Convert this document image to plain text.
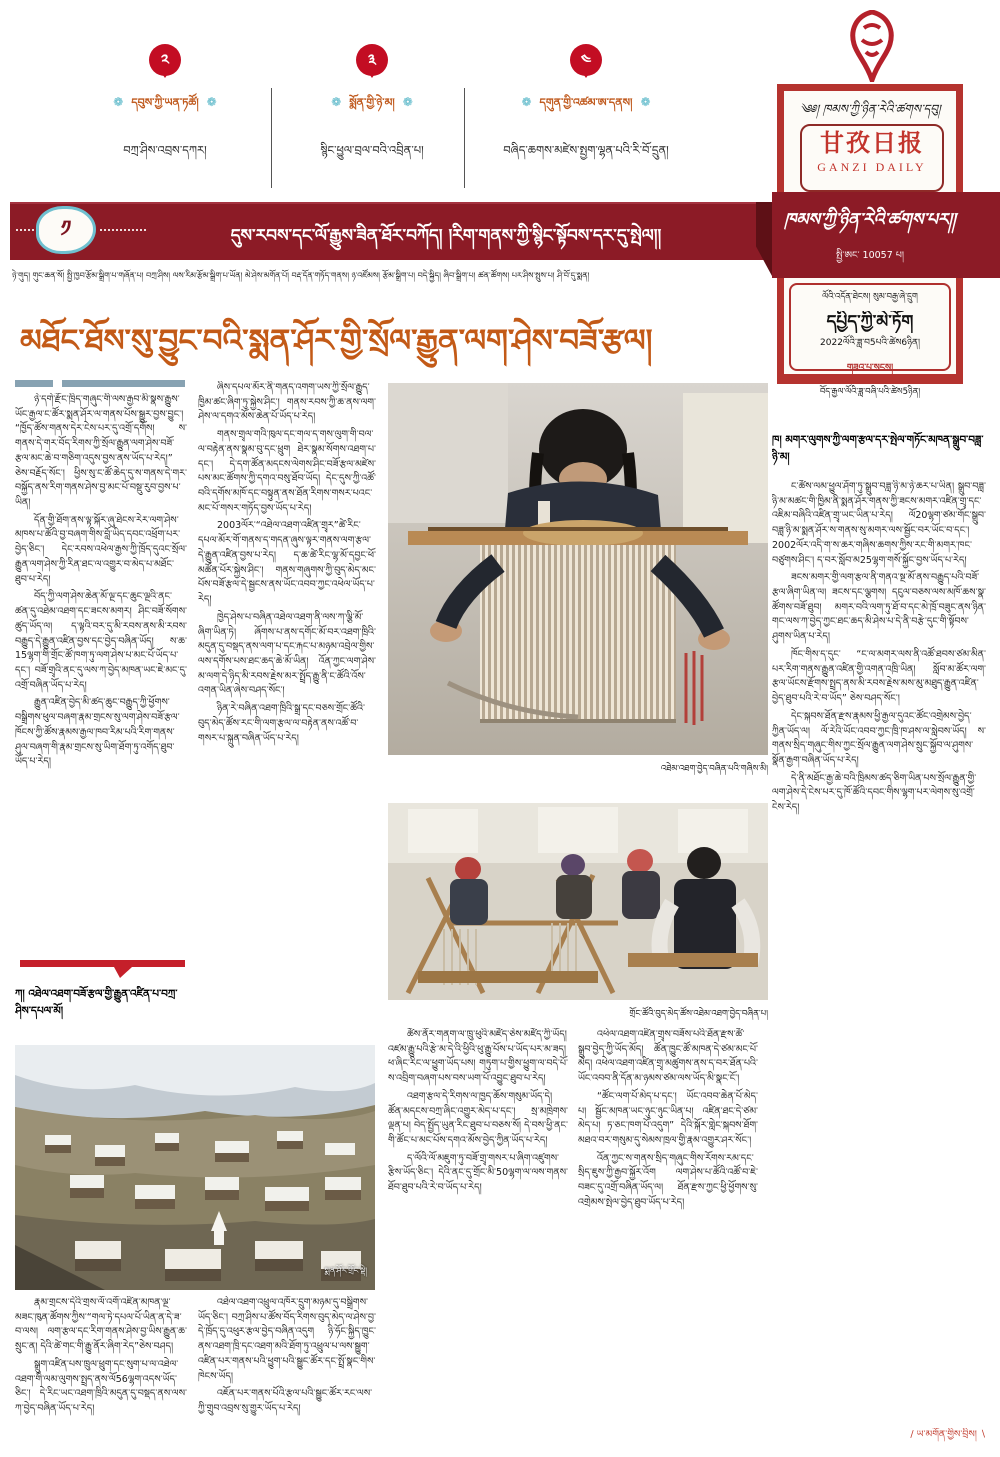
༢
❁ དབུས་ཀྱི་ཡན་ཏཚོ། ❁
བཀྲ་ཤིས་འབྲས་དཀར།
༣
❁ སྨོན་གྱི་ཉེ་མ། ❁
སྙིང་ཕྱུལ་བྲལ་བའི་འབྲིན་པ།
༤
❁ དགུན་གྱི་འཚམ་ཨ་དནས། ❁
བཞིད་ཆགས་མཛེས་སྤྱག་ལྷན་པའི་རི་བོ་དྲུན།
༄༅། ཁམས་ཀྱི་ཉིན་རེའི་ཚགས་དབུ།
甘孜日报
GANZI DAILY
ཁམས་ཀྱི་ཉིན་རེའི་ཚགས་པར།།
སྤྱི་ཨང་ 10057 པ།
ལོའི་འདོན་ཐེངས། སུམ་བརྒྱ་ཞེ་དྲུག
དཔྱིད་ཀྱི་མེ་ཏོག
2022ལོའི་ཟླ་བ5པའི་ཚེས6ཉིན།
གཟའ་པ་སངས།
བོད་རྒྱལ་ལོའི་ཟླ་བཞི་པའི་ཚེས5ཉིན།
༡	དུས་རབས་དང་ལོ་རྒྱུས་ཟིན་ཐོར་བཀོད། །རིག་གནས་ཀྱི་སྙིང་སྟོབས་དར་དུ་སྤེལ།།
ཉེ་གུད། གུང་ཆན་སོ། སྤྱི་ཁྱབ་རྩོམ་སྒྲིག་པ་གཞོན་པ། བཀྲ་ཤིས། ལས་རིམ་རྩོམ་སྒྲིག་པ་ཡོན། མེ་ཤེས་མགོན་པོ། བརྡ་དོན་གཏོད་གནས། ཉ་འཛོམས། རྩོམ་སྒྲིག་པ། བདེ་སྐྱིད། ཞིབ་སྒྲིག་པ། ཚན་ཚོགས། པར་ཤིས་སྤུས་པ། ཤི་བོ་དུ་སྨན།
མཐོང་ཐོས་སུ་བྱུང་བའི་སྨན་ཤོར་གྱི་སྲོལ་རྒྱུན་ལག་ཤེས་བཟོ་རྩལ།

ཉེ་དགེ་རྫོང་ཁྲིད་གཞུང་གི་ལས་རྒྱབ་མི་སྣས་རྒྱུས་ཡོང་རྒྱལ་ང་ཚོར་སྨན་ཤོར་ལ་གནས་པོས་སྒྱུར་བྱས་བྱུང་། “ཁྱོད་ཚོས་གནས་དེར་ངེས་པར་དུ་འགྲོ་དགོས། ས་གནས་དེ་གར་བོད་རིགས་ཀྱི་སྲོལ་རྒྱུན་ལག་ཤེས་བཟོ་རྩལ་མང་ཆེ་བ་གཅིག་འདུས་བྱས་ནས་ཡོད་པ་རེད།” ཅེས་བརྗོད་སོང་། ཕྱིས་སུ་ང་ཚོ་ཆེད་དུ་ས་གནས་དེ་གར་བསྐྱོད་ནས་རིག་གནས་ཤེས་བྱ་མང་པོ་བསྡུ་རུབ་བྱས་པ་ཡིན།

དོན་གྱི་ཐོག་ནས་ལྟ་སྐོར་ཞུ་ཐེངས་རེར་ལག་ཤེས་མཁས་པ་ཚོའི་བྱ་བཞག་གིས་བློ་ཡིད་དབང་འཕྲོག་པར་བྱེད་ཅིང་། དེང་རབས་འཕེལ་རྒྱས་ཀྱི་ཁྲོད་དུའང་སྲོལ་རྒྱུན་ལག་ཤེས་ཀྱི་རིན་ཐང་ལ་འགྱུར་བ་མེད་པ་མཐོང་ཐུབ་པ་རེད།

བོད་ཀྱི་ལག་ཤེས་ཆེན་མོ་ལྔ་དང་ཆུང་ལྔའི་ནང་ཚན་དུ་འཐེམ་འཐག་དང་ཟངས་མགར། ཤིང་བཟོ་སོགས་ཚུད་ཡོད་ལ། ད་ལྟའི་བར་དུ་མི་རབས་ནས་མི་རབས་བརྒྱུད་དེ་རྒྱུན་འཛིན་བྱས་དང་བྱེད་བཞིན་ཡོད། ས་ཆ་15ལྷག་གི་གྲོང་ཚོ་ཁག་ཏུ་ལག་ཤེས་པ་མང་པོ་ཡོད་པ་དང་། བཟོ་གྲྭའི་ནང་དུ་ལས་ཀ་བྱེད་མཁན་ཡང་ཇེ་མང་དུ་འགྲོ་བཞིན་ཡོད་པ་རེད།

རྒྱུན་འཛིན་བྱེད་མི་ཚད་ཆུང་བརྒྱུད་ཀྱི་ཕྱོགས་བསྒྲིགས་ཕུལ་བཞག་རྣམ་གྲངས་སུ་ལག་ཤེས་བཟོ་རྩལ་ཁོངས་ཀྱི་ཚོས་རྣམས་རྒྱལ་ཁབ་རིམ་པའི་རིག་གནས་ཤུལ་བཞག་གི་རྣམ་གྲངས་སུ་ཡིག་ཐོག་ཏུ་འགོད་ཐུབ་ཡོད་པ་རེད།

ཀ། འཐེལ་འཐག་བཟོ་རྩལ་གྱི་རྒྱུན་འཛིན་པ་བཀྲ་ཤིས་དཔལ་མོ།

ཞིས་དཔལ་མོར་ནི་གནད་འགག་ཡས་ཀྱི་སྲོལ་རྒྱུད་ཁྱིམ་ཚང་ཞིག་ཏུ་སྐྱེས་ཤིང་། གནས་རབས་ཀྱི་ཆ་ནས་ལག་ཤེས་ལ་དགའ་མོས་ཆེན་པོ་ཡོད་པ་རེད།

གནས་གྲྭལ་གའི་ཁུལ་དང་གལ་ད་གས་ལུག་གི་བལ་ལ་བརྟེན་ནས་སྣམ་བུ་དང་ཕྲུག ཐེར་སྣམ་སོགས་འཐག་པ་དང་། དེ་དག་ཚོན་མདངས་ལེགས་ཤིང་བཟོ་རྩལ་མཛེས་པས་མང་ཚོགས་ཀྱི་དགའ་བསུ་ཐོབ་ཡོད། དེང་དུས་ཀྱི་འཚོ་བའི་དགོས་མཁོ་དང་བསྟུན་ནས་ཐོན་རིགས་གསར་པའང་མང་པོ་གསར་གཏོད་བྱས་ཡོད་པ་རེད།

2003ལོར་“འཐེལ་འཐག་འཛིན་གྲྭར”ཚེ་རིང་དཔལ་མོར་གོ་གནས་ད་གདན་ཞུས་ལྟར་གནས་ལག་རྩལ་དེ་རྒྱུན་འཛིན་བྱས་པ་རེད། ད་ཆ་ཚེ་རིང་ལྷ་མོ་དབྱང་ཕོ་མཚོན་པོར་སྐྱེས་ཤིང་། གནས་གཞུགས་ཀྱི་བུད་མེད་མང་པོས་བཟོ་རྩལ་དེ་སྦྱངས་ནས་ཡོང་འབབ་ཀྱང་འཕེལ་ཡོད་པ་རེད།

ཁྱེད་ཤེས་པ་བཞིན་འཐེལ་འཐག་ནི་ལས་ཀ་ལྕི་མོ་ཞིག་ཡིན་ཏེ། ཞོགས་པ་ནས་དགོང་མོ་བར་འཐག་ཁྲིའི་མདུན་དུ་བསྡད་ནས་ལག་པ་དང་རྐང་པ་མཉམ་འབྲེལ་གྱིས་ལས་དགོས་པས་ཐང་ཆད་ཆེ་མོ་ཡིན། འོན་ཀྱང་ལག་ཤེས་མ་ལག་དེ་ཉིད་མི་རབས་རྗེས་མར་སྤྲོད་རྒྱུ་ནི་ང་ཚོའི་འོས་འགན་ཡིན་ཞེས་བཤད་སོང་།

ཉིན་རེ་བཞིན་འཐག་ཁྲིའི་སྒྲ་དང་བཅས་གྲོང་ཚོའི་བུད་མེད་ཚོས་རང་གི་ལག་རྩལ་ལ་བརྟེན་ནས་འཚོ་བ་གསར་པ་སྐྲུན་བཞིན་ཡོད་པ་རེད།

འཐེམ་འཐག་བྱེད་བཞིན་པའི་གཞིས་མི།
གྲོང་ཚོའི་བུད་མེད་ཚོས་འཐེམ་འཐག་བྱེད་བཞིན་པ།

ཚོས་ནོར་གནག་ལ་ཁྲུ་ཕུའི་མཛོད་ཅེས་མཛོད་ཀྱི་ཡོད། འཛམ་རྒྱུ་པའི་རྩེ་མ་དེ་འི་ཕྱིའི་ཕུ་རྒྱུ་པོས་པ་ཡོད་པར་མ་ཟད། ཕ་ཞིང་རིང་ལ་ཕྱུག་ཡོད་པས། གཏུག་པ་གྱིས་ཕྱུག་ལ་བདེ་པོ་ས་འབྲིག་བཞག་པས་བས་ཡག་པོ་འབྱུང་ཐུབ་པ་རེད།

འཐག་རྩལ་དེ་རིགས་ལ་ཁྱད་ཆོས་གསུམ་ཡོད་དེ། ཚོན་མདངས་བཀྲ་ཞིང་འགྱུར་མེད་པ་དང་། སྲ་མཁྲེགས་ལྡན་པ། བེད་སྤྱོད་ཡུན་རིང་ཐུབ་པ་བཅས་སོ། དེ་བས་ཕྱི་ནང་གི་ཚོང་པ་མང་པོས་དགའ་མོས་བྱེད་ཀྱིན་ཡོད་པ་རེད།

ད་ལོའི་ལོ་མཇུག་ཏུ་བཟོ་གྲྭ་གསར་པ་ཞིག་འཛུགས་རྩིས་ཡོད་ཅིང་། དེའི་ནང་དུ་གྲོང་མི་50ལྷག་ལ་ལས་གནས་ཐོབ་ཐུབ་པའི་རེ་བ་ཡོད་པ་རེད།

འཕེལ་འཐག་འཛིན་གྲྭས་བཟོས་པའི་ཐོན་རྫས་ཚོ་སྒྲུབ་བྱེད་ཀྱི་ཡོད་མོད། ཚོན་ཁྱུང་ཚོ་མཁན་དེ་ཙམ་མང་པོ་མེད། འཕེལ་འཐག་འཛིན་གྲྭ་མཚུགས་ནས་ད་བར་ཐོན་པའི་ཡོང་འབབ་ནི་དོན་མ་ཉམས་ཙམ་ལས་ཡོད་མི་སྣང་ངོ་།

“ཚོང་ལག་པོ་མེད་པ་དང་། ཡོང་འབབ་ཆེན་པོ་མེད་པ། སྦྱོང་མཁན་ཡང་ཉུང་ཉུང་ཡིན་པ། འཛིན་ཐང་དེ་ཙམ་མེད་པ། ཏ་ཅང་ཁག་པོ་འདུག” དེའི་སྐོར་གླེང་སྐབས་ཐོག་མཐའ་བར་གསུམ་དུ་སེམས་ཁྲལ་གྱི་རྣམ་འགྱུར་ཤར་སོང་།

འོན་ཀྱང་ས་གནས་སྲིད་གཞུང་གིས་རོགས་རམ་དང་སྲིད་ཇུས་ཀྱི་རྒྱབ་སྐྱོར་འོག ལག་ཤེས་པ་ཚོའི་འཚོ་བ་ཇེ་བཟང་དུ་འགྲོ་བཞིན་ཡོད་ལ། ཐོན་རྫས་ཀྱང་ཕྱི་ཕྱོགས་སུ་འགྲེམས་སྤེལ་བྱེད་ཐུབ་ཡོད་པ་རེད།

ཁ། མགར་ལུགས་ཀྱི་ལག་རྩལ་དར་སྤེལ་གཏོང་མཁན་སྒྲུབ་བཟླ་ཉི་མ།

ང་ཚོས་ལམ་ཕྱུལ་ཤོག་ཏུ་སྒྲུབ་བཟླ་ཉི་མ་ཉེ་ཆར་པ་ཡིན། སྒྲུབ་བཟླ་ཉི་མ་མཚང་གི་ཁྱིམ་ནི་སྨན་ཤོར་གནས་ཀྱི་ཟངས་མགར་འཛིན་གྲྭ་དང་འཇིམ་བཞིའི་འཛིན་གྲྭ་ཡང་ཡིན་པ་རེད། ལོ20ལྷག་ཙམ་གོང་སྒྲུབ་བཟླ་ཉི་མ་སྨན་ཤོར་ས་གནས་སུ་མགར་ལས་སྦྱོང་བར་ཡོང་བ་དང་། 2002ལོར་འདི་ག་ས་ཆར་གཞིས་ཆགས་ཀྱིས་རང་གི་མགར་ཁང་བཙུགས་ཤིང་། ད་བར་སློབ་མ25ལྷག་གསོ་སྐྱོང་བྱས་ཡོད་པ་རེད།

ཟངས་མགར་གྱི་ལག་རྩལ་ནི་གནའ་སྔ་མོ་ནས་བརྒྱུད་པའི་བཟོ་རྩལ་ཞིག་ཡིན་ལ། ཟངས་དང་ལྕགས། དངུལ་བཅས་ལས་མཁོ་ཆས་སྣ་ཚོགས་བཟོ་ཐུབ། མགར་བའི་ལག་ཏུ་ཐོ་བ་དང་མེ་ཁྲོ་བཟུང་ནས་ཉིན་གང་ལས་ཀ་བྱེད་ཀྱང་ཐང་ཆད་མི་ཤེས་པ་དེ་ནི་བརྩེ་དུང་གི་སྟོབས་ཤུགས་ཡིན་པ་རེད།

ཁོང་གིས་ད་དུང་ “ང་ལ་མགར་ལས་ནི་འཚོ་ཐབས་ཙམ་མིན་པར་རིག་གནས་རྒྱུན་འཛིན་གྱི་འགན་འཁྲི་ཡིན། སློབ་མ་ཚོར་ལག་རྩལ་ཡོངས་རྫོགས་སྤྲད་ནས་མི་རབས་རྗེས་མས་མུ་མཐུད་རྒྱུན་འཛིན་བྱེད་ཐུབ་པའི་རེ་བ་ཡོད” ཅེས་བཤད་སོང་།

དེང་སྐབས་ཐོན་རྫས་རྣམས་ཕྱི་རྒྱལ་དུའང་ཚོང་འགྲེམས་བྱེད་ཀྱིན་ཡོད་ལ། ལོ་རེའི་ཡོང་འབབ་ཀྱང་ཁྲི་ཁ་ཤས་ལ་སླེབས་ཡོད། ས་གནས་སྲིད་གཞུང་གིས་ཀྱང་སྲོལ་རྒྱུན་ལག་ཤེས་སྲུང་སྐྱོབ་ལ་ཤུགས་སྣོན་རྒྱག་བཞིན་ཡོད་པ་རེད།

དེ་ནི་མཐོང་རྒྱ་ཆེ་བའི་ཁྲིམས་ཚད་ཅིག་ཡིན་པས་སྲོལ་རྒྱུན་གྱི་ལག་ཤེས་དེ་ངེས་པར་དུ་ཁོ་ཚོའི་དབང་གིས་ལྷག་པར་ལེགས་སུ་འགྲོ་ངེས་རེད།

∕ ཡ་མགོན་གྱིས་བྲིས། ∖
སྨན་ཤོར་གྲོང་སྡེ།

རྣམ་གྲངས་དེའི་གྲས་ལོ་འགོ་འཛིན་མཁན་ལྔ་མཟང་ཁུན་ཚོགས་ཀྱིས་“གལ་ཏེ་དཔལ་པོ་ཡིན་ན་དེ་ཟ་བ་ལས། ལག་རྩལ་དང་རིག་གནས་ཤེས་བྱ་ཡིས་རྒྱུན་ཆ་སྲུང་ན། དེའི་ཚེ་གང་གི་རྒྱུ་ནོར་ཞིག་རེད”ཅེས་བཤད།

སྒྲུག་འཛིན་པས་ཁྲུལ་ཕྲུག་དང་སུག་པ་ལ་འཐེལ་འཐག་གི་ལམ་ལུགས་སྤྲད་ནས་ལོ56ལྷག་འདས་ཡོད་ཅིང་། དེ་རིང་ཡང་འཐག་ཁྲིའི་མདུན་དུ་བསྡད་ནས་ལས་ཀ་བྱེད་བཞིན་ཡོད་པ་རེད།

འཐེལ་འཐག་འཕྲུལ་འཁོར་དྲུག་མཉམ་དུ་བསྒྲིགས་ཡོད་ཅིང་། བཀྲ་ཤིས་པ་ཚོས་བོད་རིགས་བུད་མེད་ལ་ཤེས་བྱ་དེ་ཁྲོད་དུ་འཕུར་རྩལ་བྱེད་བཞིན་འདུག ཉི་ཧོང་སྐྱིད་ཁྱུང་ནས་འཐག་ཁྲི་དང་འཐག་མའི་ཐོག་ཏུ་འཕྲུལ་པ་ལས་སྒྱུག་འཛིན་པར་གནས་པའི་ཕྱུག་པའི་སྒྱུང་ཚོར་དང་སྤྲོ་སྣང་གིས་ཁེངས་ཡོད།

འཇོན་པར་གནས་པོའི་རྩལ་པའི་སྒྱུང་ཚོར་རང་ལས་ཀྱི་གྲུབ་འབྲས་སུ་གྱུར་ཡོད་པ་རེད།
